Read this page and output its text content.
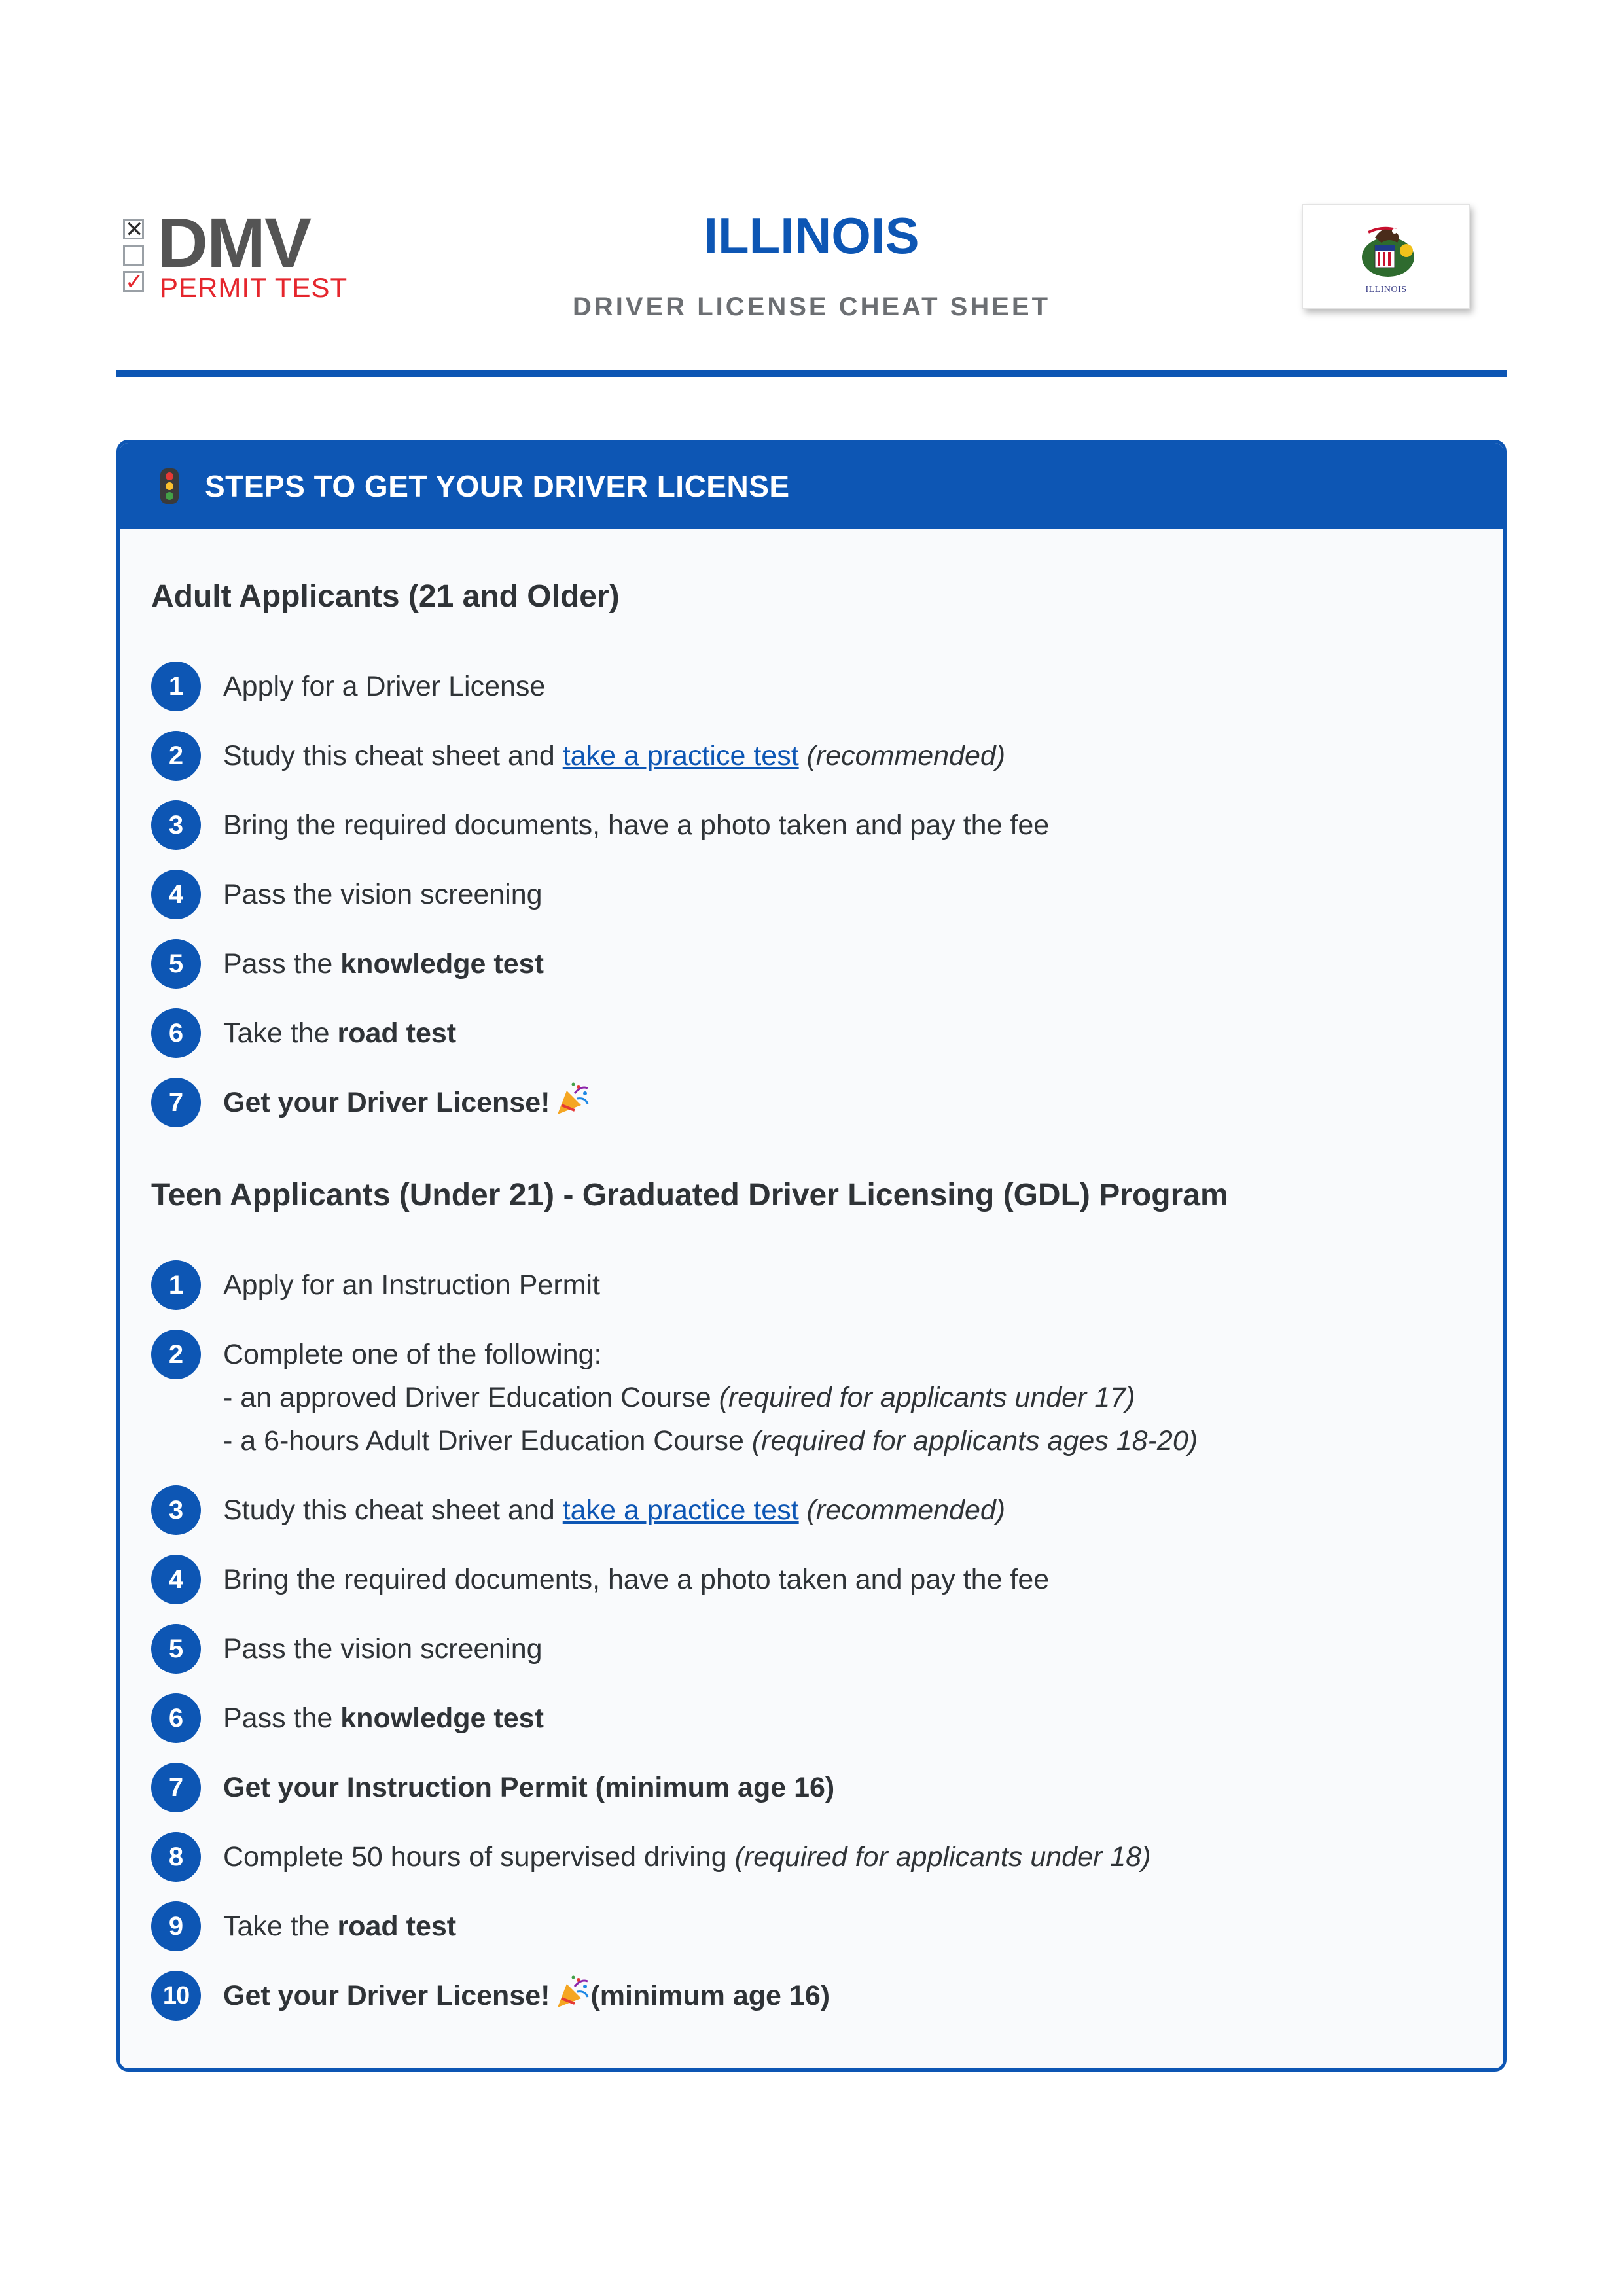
✕
✓ DMV
PERMIT TEST
ILLINOIS
DRIVER LICENSE CHEAT SHEET
ILLINOIS
STEPS TO GET YOUR DRIVER LICENSE
Adult Applicants (21 and Older)
1	Apply for a Driver License
2	Study this cheat sheet and take a practice test (recommended)
3	Bring the required documents, have a photo taken and pay the fee
4	Pass the vision screening
5	Pass the knowledge test
6	Take the road test
7	Get your Driver License!
Teen Applicants (Under 21) - Graduated Driver Licensing (GDL) Program
1	Apply for an Instruction Permit
2	Complete one of the following:
- an approved Driver Education Course (required for applicants under 17)
- a 6-hours Adult Driver Education Course (required for applicants ages 18-20)
3	Study this cheat sheet and take a practice test (recommended)
4	Bring the required documents, have a photo taken and pay the fee
5	Pass the vision screening
6	Pass the knowledge test
7	Get your Instruction Permit (minimum age 16)
8	Complete 50 hours of supervised driving (required for applicants under 18)
9	Take the road test
10	Get your Driver License! (minimum age 16)
